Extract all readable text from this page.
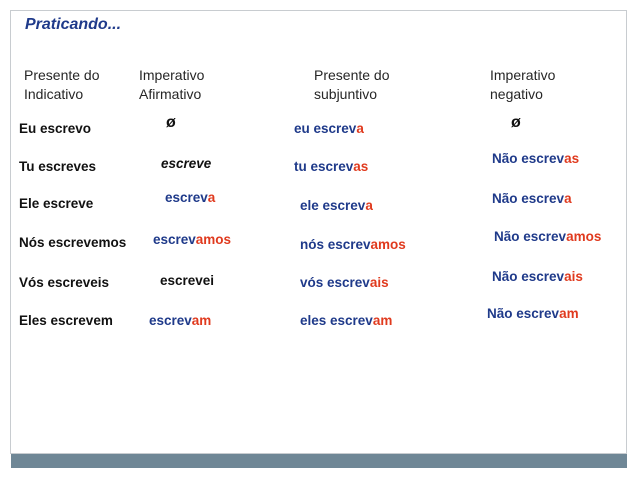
Praticando...
Presente do
Indicativo
Imperativo
Afirmativo
Presente do
subjuntivo
Imperativo
negativo
Eu escrevo
Tu escreves
Ele escreve
Nós escrevemos
Vós escreveis
Eles escrevem
ø
escreve
escreva
escrevamos
escrevei
escrevam
eu escreva
tu escrevas
ele escreva
nós escrevamos
vós escrevais
eles escrevam
ø
Não escrevas
Não escreva
Não escrevamos
Não escrevais
Não escrevam
